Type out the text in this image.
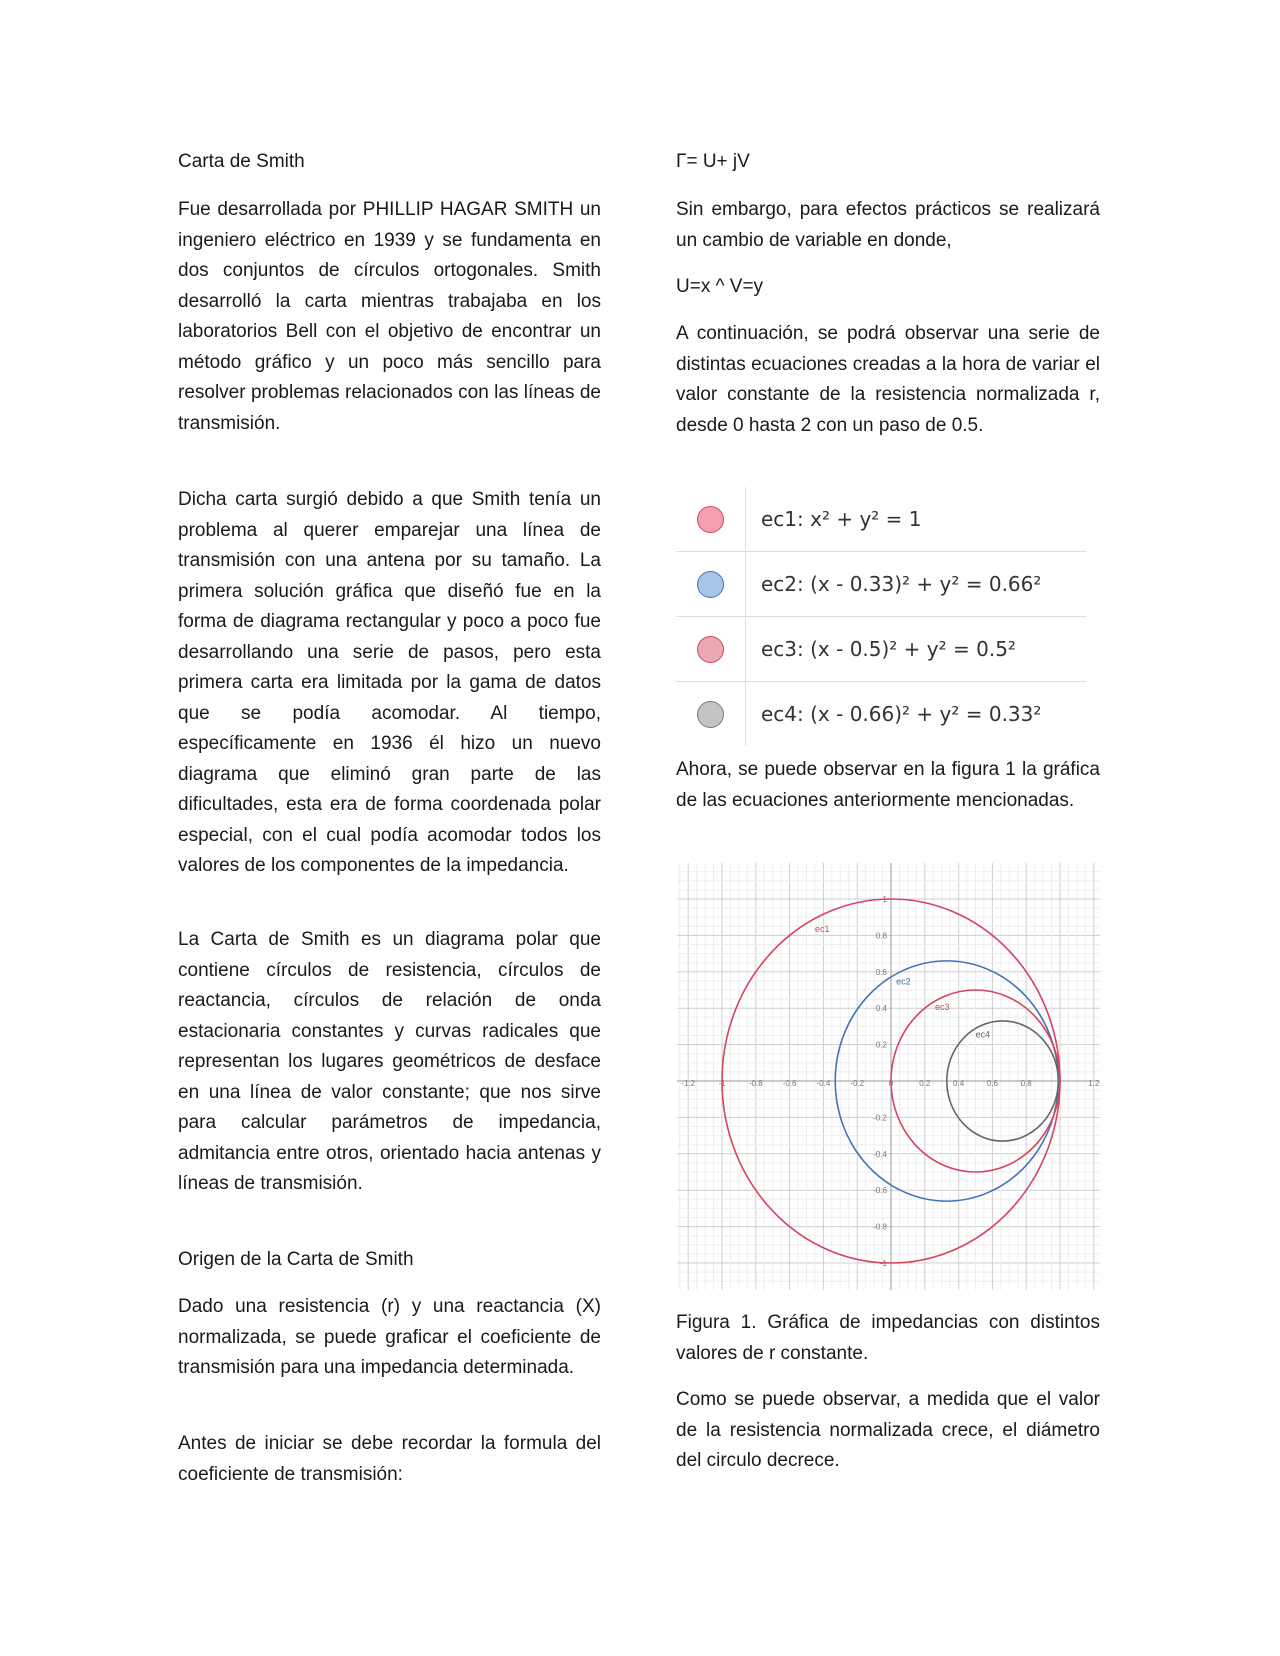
Carta de Smith

Fue desarrollada por PHILLIP HAGAR SMITH un ingeniero eléctrico en 1939 y se fundamenta en dos conjuntos de círculos ortogonales. Smith desarrolló la carta mientras trabajaba en los laboratorios Bell con el objetivo de encontrar un método gráfico y un poco más sencillo para resolver problemas relacionados con las líneas de transmisión.

Dicha carta surgió debido a que Smith tenía un problema al querer emparejar una línea de transmisión con una antena por su tamaño. La primera solución gráfica que diseñó fue en la forma de diagrama rectangular y poco a poco fue desarrollando una serie de pasos, pero esta primera carta era limitada por la gama de datos que se podía acomodar. Al tiempo, específicamente en 1936 él hizo un nuevo diagrama que eliminó gran parte de las dificultades, esta era de forma coordenada polar especial, con el cual podía acomodar todos los valores de los componentes de la impedancia.

La Carta de Smith es un diagrama polar que contiene círculos de resistencia, círculos de reactancia, círculos de relación de onda estacionaria constantes y curvas radicales que representan los lugares geométricos de desface en una línea de valor constante; que nos sirve para calcular parámetros de impedancia, admitancia entre otros, orientado hacia antenas y líneas de transmisión.

Origen de la Carta de Smith

Dado una resistencia (r) y una reactancia (X) normalizada, se puede graficar el coeficiente de transmisión para una impedancia determinada.

Antes de iniciar se debe recordar la formula del coeficiente de transmisión:

Γ= U+ jV

Sin embargo, para efectos prácticos se realizará un cambio de variable en donde,

U=x ^ V=y

A continuación, se podrá observar una serie de distintas ecuaciones creadas a la hora de variar el valor constante de la resistencia normalizada r, desde 0 hasta 2 con un paso de 0.5.

ec1: x² + y² = 1
ec2: (x - 0.33)² + y² = 0.66²
ec3: (x - 0.5)² + y² = 0.5²
ec4: (x - 0.66)² + y² = 0.33²

Ahora, se puede observar en la figura 1 la gráfica de las ecuaciones anteriormente mencionadas.

-1.2	-1	-0.8	-0.6	-0.4	-0.2	0	0.2	0.4	0.6	0.8	1.2
1
0.8
0.6
0.4
0.2
-0.2
-0.4
-0.6
-0.8
-1
ec1
ec2
ec3
ec4

Figura 1. Gráfica de impedancias con distintos valores de r constante.

Como se puede observar, a medida que el valor de la resistencia normalizada crece, el diámetro del circulo decrece.
